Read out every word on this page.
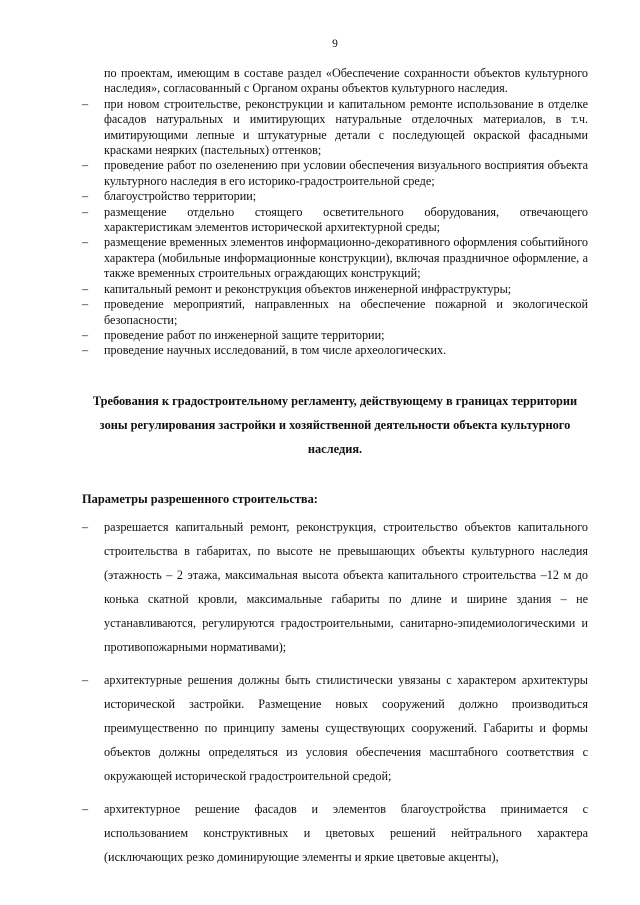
9

по проектам, имеющим в составе раздел «Обеспечение сохранности объектов культурного наследия», согласованный с Органом охраны объектов культурного наследия.

– при новом строительстве, реконструкции и капитальном ремонте использование в отделке фасадов натуральных и имитирующих натуральные отделочных материалов, в т.ч. имитирующими лепные и штукатурные детали с последующей окраской фасадными красками неярких (пастельных) оттенков;
– проведение работ по озеленению при условии обеспечения визуального восприятия объекта культурного наследия в его историко-градостроительной среде;
– благоустройство территории;
– размещение отдельно стоящего осветительного оборудования, отвечающего характеристикам элементов исторической архитектурной среды;
– размещение временных элементов информационно-декоративного оформления событийного характера (мобильные информационные конструкции), включая праздничное оформление, а также временных строительных ограждающих конструкций;
– капитальный ремонт и реконструкция объектов инженерной инфраструктуры;
– проведение мероприятий, направленных на обеспечение пожарной и экологической безопасности;
– проведение работ по инженерной защите территории;
– проведение научных исследований, в том числе археологических.
Требования к градостроительному регламенту, действующему в границах территории зоны регулирования застройки и хозяйственной деятельности объекта культурного наследия.
Параметры разрешенного строительства:
– разрешается капитальный ремонт, реконструкция, строительство объектов капитального строительства в габаритах, по высоте не превышающих объекты культурного наследия (этажность – 2 этажа, максимальная высота объекта капитального строительства –12 м до конька скатной кровли, максимальные габариты по длине и ширине здания – не устанавливаются, регулируются градостроительными, санитарно-эпидемиологическими и противопожарными нормативами);
– архитектурные решения должны быть стилистически увязаны с характером архитектуры исторической застройки. Размещение новых сооружений должно производиться преимущественно по принципу замены существующих сооружений. Габариты и формы объектов должны определяться из условия обеспечения масштабного соответствия с окружающей исторической градостроительной средой;
– архитектурное решение фасадов и элементов благоустройства принимается с использованием конструктивных и цветовых решений нейтрального характера (исключающих резко доминирующие элементы и яркие цветовые акценты),
